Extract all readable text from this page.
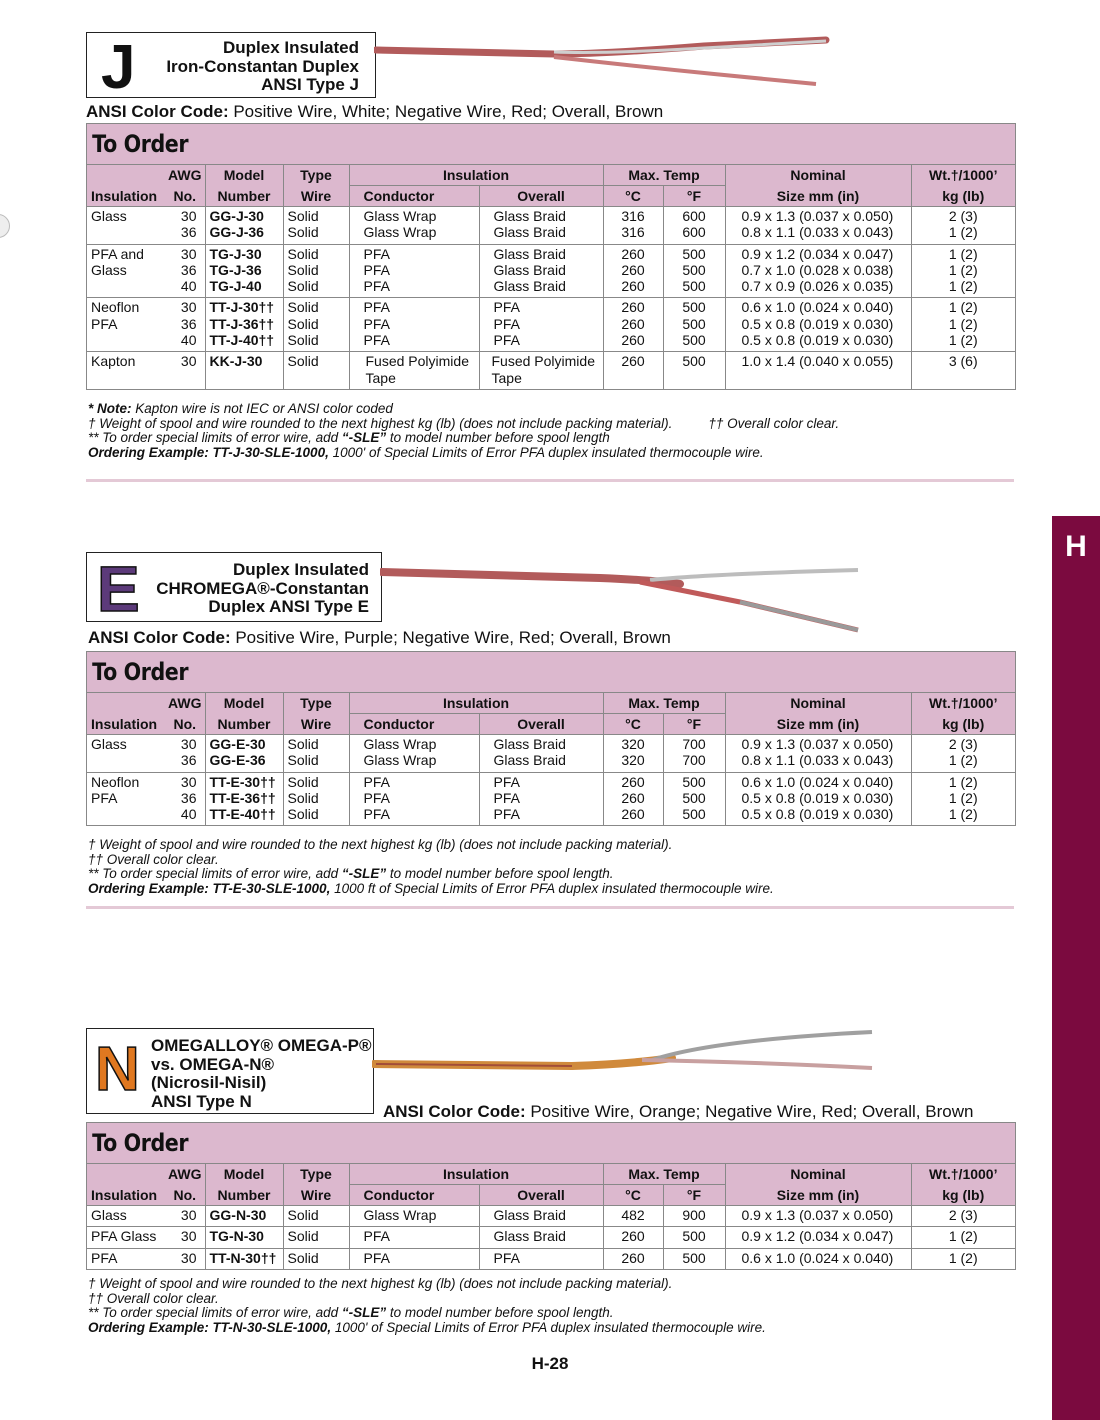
H
J	Duplex Insulated
Iron-Constantan Duplex
ANSI Type J
ANSI Color Code: Positive Wire, White; Negative Wire, Red; Overall, Brown
To Order
	AWG	Model	Type	Insulation		Max. Temp		Nominal	Wt.†/1000’
Insulation	No.	Number	Wire	Conductor	Overall	°C	°F	Size mm (in)	kg (lb)
Glass	30	GG-J-30	Solid	Glass Wrap	Glass Braid	316	600	0.9 x 1.3 (0.037 x 0.050)	2 (3)
	36	GG-J-36	Solid	Glass Wrap	Glass Braid	316	600	0.8 x 1.1 (0.033 x 0.043)	1 (2)
PFA and	30	TG-J-30	Solid	PFA	Glass Braid	260	500	0.9 x 1.2 (0.034 x 0.047)	1 (2)
Glass	36	TG-J-36	Solid	PFA	Glass Braid	260	500	0.7 x 1.0 (0.028 x 0.038)	1 (2)
	40	TG-J-40	Solid	PFA	Glass Braid	260	500	0.7 x 0.9 (0.026 x 0.035)	1 (2)
Neoflon	30	TT-J-30††	Solid	PFA	PFA	260	500	0.6 x 1.0 (0.024 x 0.040)	1 (2)
PFA	36	TT-J-36††	Solid	PFA	PFA	260	500	0.5 x 0.8 (0.019 x 0.030)	1 (2)
	40	TT-J-40††	Solid	PFA	PFA	260	500	0.5 x 0.8 (0.019 x 0.030)	1 (2)
Kapton	30	KK-J-30	Solid	Fused Polyimide Tape	Fused Polyimide Tape	260	500	1.0 x 1.4 (0.040 x 0.055)	3 (6)
* Note: Kapton wire is not IEC or ANSI color coded
† Weight of spool and wire rounded to the next highest kg (lb) (does not include packing material).	†† Overall color clear.
** To order special limits of error wire, add “-SLE” to model number before spool length
Ordering Example: TT-J-30-SLE-1000, 1000' of Special Limits of Error PFA duplex insulated thermocouple wire.
E	Duplex Insulated
CHROMEGA®-Constantan
Duplex ANSI Type E
ANSI Color Code: Positive Wire, Purple; Negative Wire, Red; Overall, Brown
To Order
	AWG	Model	Type	Insulation		Max. Temp		Nominal	Wt.†/1000’
Insulation	No.	Number	Wire	Conductor	Overall	°C	°F	Size mm (in)	kg (lb)
Glass	30	GG-E-30	Solid	Glass Wrap	Glass Braid	320	700	0.9 x 1.3 (0.037 x 0.050)	2 (3)
	36	GG-E-36	Solid	Glass Wrap	Glass Braid	320	700	0.8 x 1.1 (0.033 x 0.043)	1 (2)
Neoflon	30	TT-E-30††	Solid	PFA	PFA	260	500	0.6 x 1.0 (0.024 x 0.040)	1 (2)
PFA	36	TT-E-36††	Solid	PFA	PFA	260	500	0.5 x 0.8 (0.019 x 0.030)	1 (2)
	40	TT-E-40††	Solid	PFA	PFA	260	500	0.5 x 0.8 (0.019 x 0.030)	1 (2)
† Weight of spool and wire rounded to the next highest kg (lb) (does not include packing material).
†† Overall color clear.
** To order special limits of error wire, add “-SLE” to model number before spool length.
Ordering Example: TT-E-30-SLE-1000, 1000 ft of Special Limits of Error PFA duplex insulated thermocouple wire.
N OMEGALLOY® OMEGA-P®
vs. OMEGA-N®
(Nicrosil-Nisil)
ANSI Type N
ANSI Color Code: Positive Wire, Orange; Negative Wire, Red; Overall, Brown
To Order
	AWG	Model	Type	Insulation		Max. Temp		Nominal	Wt.†/1000’
Insulation	No.	Number	Wire	Conductor	Overall	°C	°F	Size mm (in)	kg (lb)
Glass	30	GG-N-30	Solid	Glass Wrap	Glass Braid	482	900	0.9 x 1.3 (0.037 x 0.050)	2 (3)
PFA Glass	30	TG-N-30	Solid	PFA	Glass Braid	260	500	0.9 x 1.2 (0.034 x 0.047)	1 (2)
PFA	30	TT-N-30††	Solid	PFA	PFA	260	500	0.6 x 1.0 (0.024 x 0.040)	1 (2)
† Weight of spool and wire rounded to the next highest kg (lb) (does not include packing material).
†† Overall color clear.
** To order special limits of error wire, add “-SLE” to model number before spool length.
Ordering Example: TT-N-30-SLE-1000, 1000' of Special Limits of Error PFA duplex insulated thermocouple wire.
H-28
